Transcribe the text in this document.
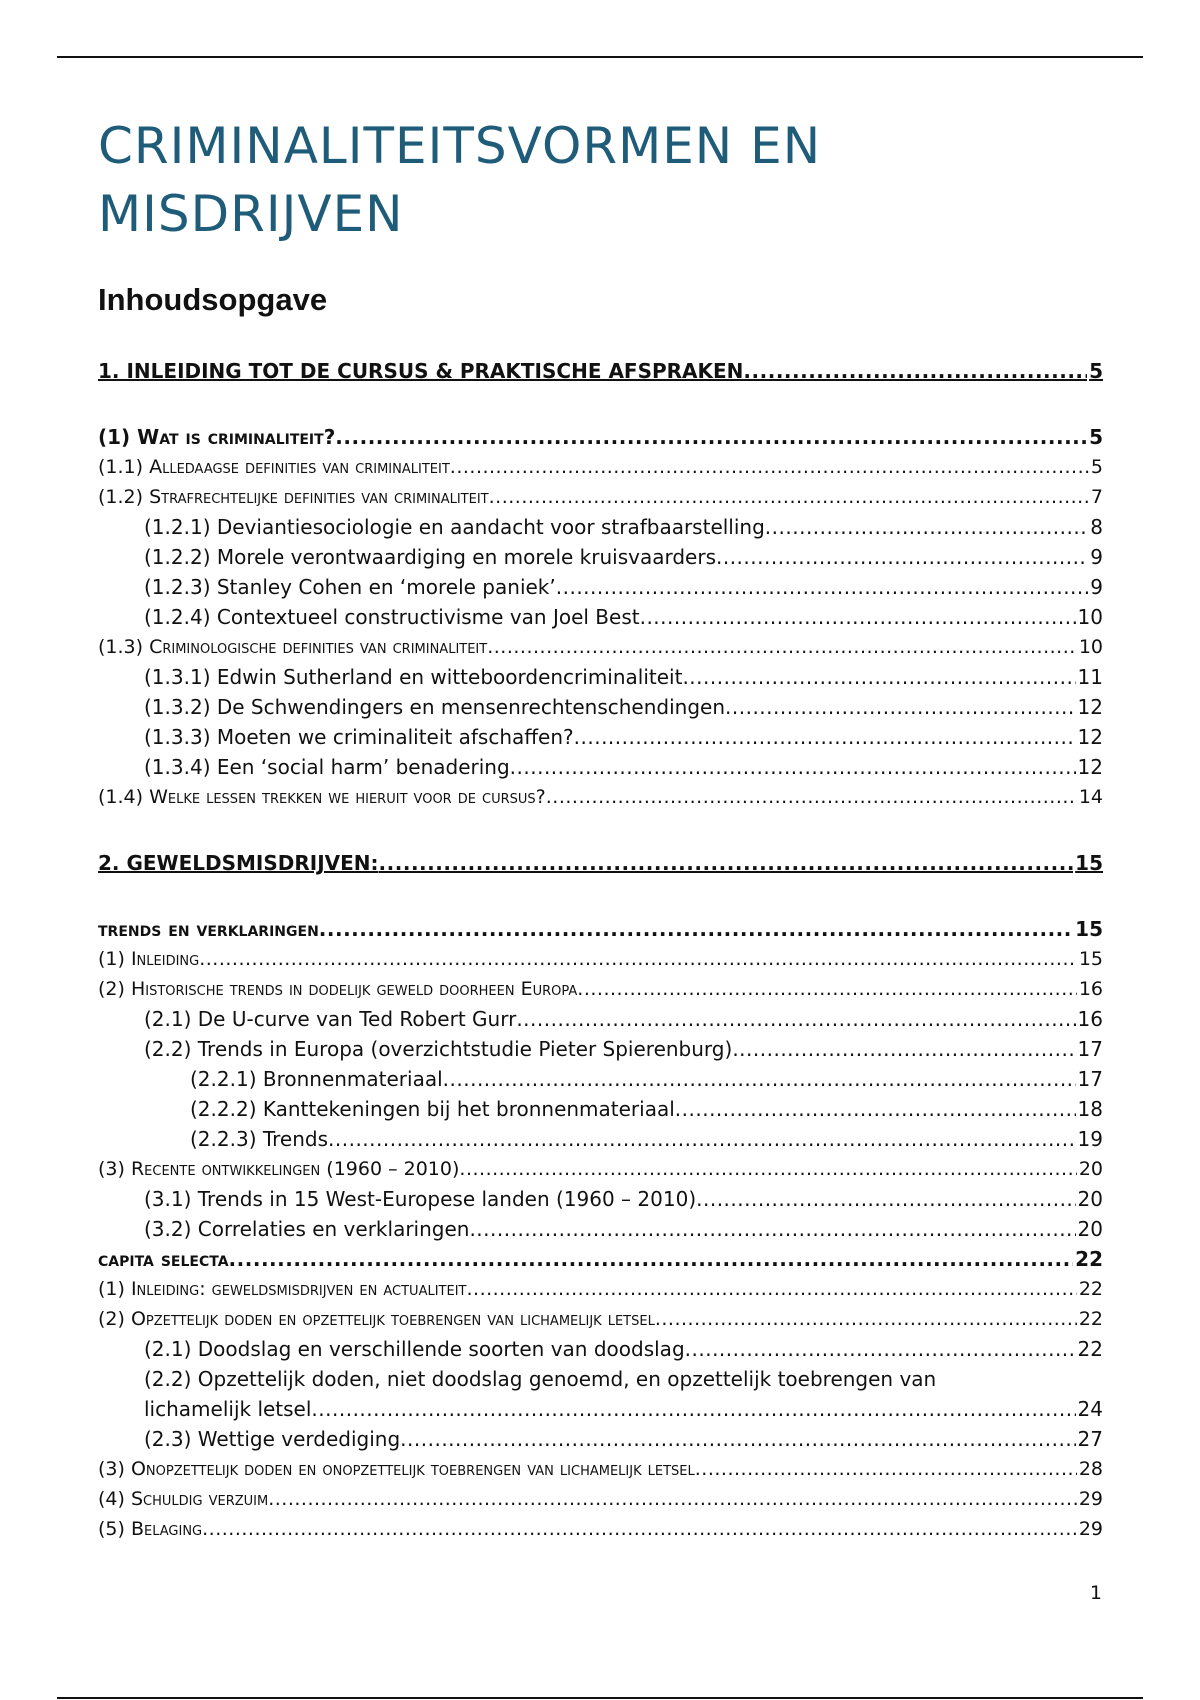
CRIMINALITEITSVORMEN EN MISDRIJVEN
Inhoudsopgave
1. INLEIDING TOT DE CURSUS & PRAKTISCHE AFSPRAKEN .....	5
(1) Wat is criminaliteit? .....	5
(1.1) Alledaagse definities van criminaliteit .....	5
(1.2) Strafrechtelijke definities van criminaliteit .....	7
(1.2.1) Deviantiesociologie en aandacht voor strafbaarstelling .....	8
(1.2.2) Morele verontwaardiging en morele kruisvaarders .....	9
(1.2.3) Stanley Cohen en ‘morele paniek’ .....	9
(1.2.4) Contextueel constructivisme van Joel Best .....	10
(1.3) Criminologische definities van criminaliteit .....	10
(1.3.1) Edwin Sutherland en witteboordencriminaliteit .....	11
(1.3.2) De Schwendingers en mensenrechtenschendingen .....	12
(1.3.3) Moeten we criminaliteit afschaffen? .....	12
(1.3.4) Een ‘social harm’ benadering .....	12
(1.4) Welke lessen trekken we hieruit voor de cursus? .....	14
2. GEWELDSMISDRIJVEN: .....	15
trends en verklaringen .....	15
(1) Inleiding .....	15
(2) Historische trends in dodelijk geweld doorheen Europa .....	16
(2.1) De U-curve van Ted Robert Gurr .....	16
(2.2) Trends in Europa (overzichtstudie Pieter Spierenburg) .....	17
(2.2.1) Bronnenmateriaal .....	17
(2.2.2) Kanttekeningen bij het bronnenmateriaal .....	18
(2.2.3) Trends .....	19
(3) Recente ontwikkelingen (1960 – 2010) .....	20
(3.1) Trends in 15 West-Europese landen (1960 – 2010) .....	20
(3.2) Correlaties en verklaringen .....	20
capita selecta .....	22
(1) Inleiding: geweldsmisdrijven en actualiteit .....	22
(2) Opzettelijk doden en opzettelijk toebrengen van lichamelijk letsel .....	22
(2.1) Doodslag en verschillende soorten van doodslag .....	22
(2.2) Opzettelijk doden, niet doodslag genoemd, en opzettelijk toebrengen van
lichamelijk letsel .....	24
(2.3) Wettige verdediging .....	27
(3) Onopzettelijk doden en onopzettelijk toebrengen van lichamelijk letsel .....	28
(4) Schuldig verzuim .....	29
(5) Belaging .....	29
1
